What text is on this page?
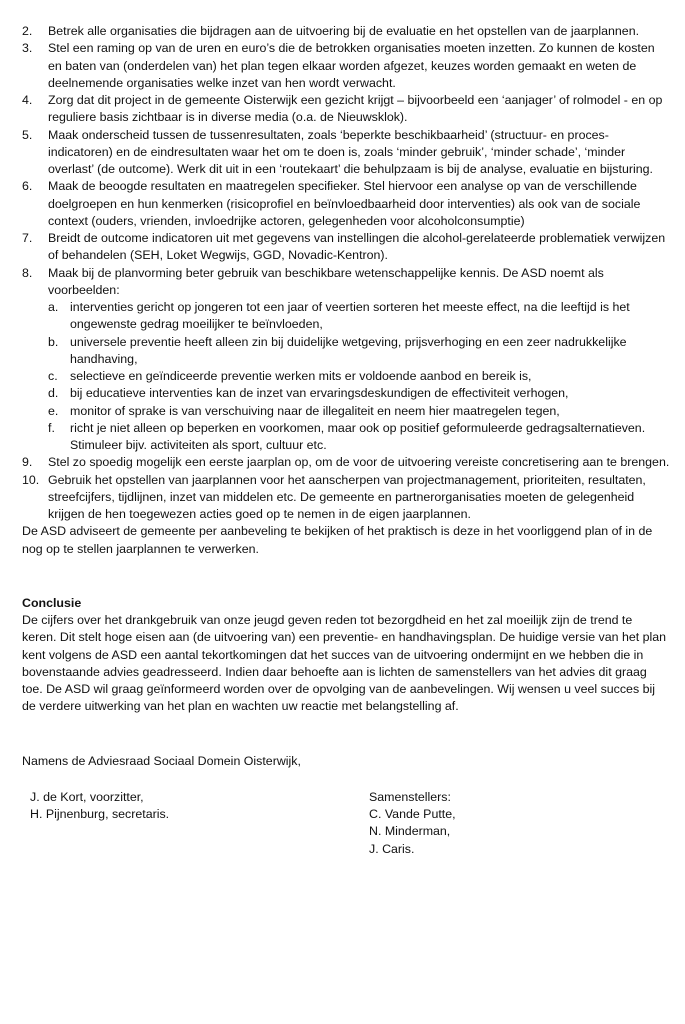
2. Betrek alle organisaties die bijdragen aan de uitvoering bij de evaluatie en het opstellen van de jaarplannen.
3. Stel een raming op van de uren en euro’s die de betrokken organisaties moeten inzetten. Zo kunnen de kosten en baten van (onderdelen van) het plan tegen elkaar worden afgezet, keuzes worden gemaakt en weten de deelnemende organisaties welke inzet van hen wordt verwacht.
4. Zorg dat dit project in de gemeente Oisterwijk een gezicht krijgt – bijvoorbeeld een ‘aanjager’ of rolmodel - en op reguliere basis zichtbaar is in diverse media (o.a. de Nieuwsklok).
5. Maak onderscheid tussen de tussenresultaten, zoals ‘beperkte beschikbaarheid’ (structuur- en proces-indicatoren) en de eindresultaten waar het om te doen is, zoals ‘minder gebruik’, ‘minder schade’, ‘minder overlast’ (de outcome). Werk dit uit in een ‘routekaart’ die behulpzaam is bij de analyse, evaluatie en bijsturing.
6. Maak de beoogde resultaten en maatregelen specifieker. Stel hiervoor een analyse op van de verschillende doelgroepen en hun kenmerken (risicoprofiel en beïnvloedbaarheid door interventies) als ook van de sociale context (ouders, vrienden, invloedrijke actoren, gelegenheden voor alcoholconsumptie)
7. Breidt de outcome indicatoren uit met gegevens van instellingen die alcohol-gerelateerde problematiek verwijzen of behandelen (SEH, Loket Wegwijs, GGD, Novadic-Kentron).
8. Maak bij de planvorming beter gebruik van beschikbare wetenschappelijke kennis. De ASD noemt als voorbeelden:
a. interventies gericht op jongeren tot een jaar of veertien sorteren het meeste effect, na die leeftijd is het ongewenste gedrag moeilijker te beïnvloeden,
b. universele preventie heeft alleen zin bij duidelijke wetgeving, prijsverhoging en een zeer nadrukkelijke handhaving,
c. selectieve en geïndiceerde preventie werken mits er voldoende aanbod en bereik is,
d. bij educatieve interventies kan de inzet van ervaringsdeskundigen de effectiviteit verhogen,
e. monitor of sprake is van verschuiving naar de illegaliteit en neem hier maatregelen tegen,
f. richt je niet alleen op beperken en voorkomen, maar ook op positief geformuleerde gedragsalternatieven. Stimuleer bijv. activiteiten als sport, cultuur etc.
9. Stel zo spoedig mogelijk een eerste jaarplan op, om de voor de uitvoering vereiste concretisering aan te brengen.
10. Gebruik het opstellen van jaarplannen voor het aanscherpen van projectmanagement, prioriteiten, resultaten, streefcijfers, tijdlijnen, inzet van middelen etc. De gemeente en partnerorganisaties moeten de gelegenheid krijgen de hen toegewezen acties goed op te nemen in de eigen jaarplannen.

De ASD adviseert de gemeente per aanbeveling te bekijken of het praktisch is deze in het voorliggend plan of in de nog op te stellen jaarplannen te verwerken.

Conclusie

De cijfers over het drankgebruik van onze jeugd geven reden tot bezorgdheid en het zal moeilijk zijn de trend te keren. Dit stelt hoge eisen aan (de uitvoering van) een preventie- en handhavingsplan. De huidige versie van het plan kent volgens de ASD een aantal tekortkomingen dat het succes van de uitvoering ondermijnt en we hebben die in bovenstaande advies geadresseerd. Indien daar behoefte aan is lichten de samenstellers van het advies dit graag toe. De ASD wil graag geïnformeerd worden over de opvolging van de aanbevelingen. Wij wensen u veel succes bij de verdere uitwerking van het plan en wachten uw reactie met belangstelling af.

Namens de Adviesraad Sociaal Domein Oisterwijk,

J. de Kort, voorzitter,
H. Pijnenburg, secretaris.
Samenstellers:
C. Vande Putte,
N. Minderman,
J. Caris.
